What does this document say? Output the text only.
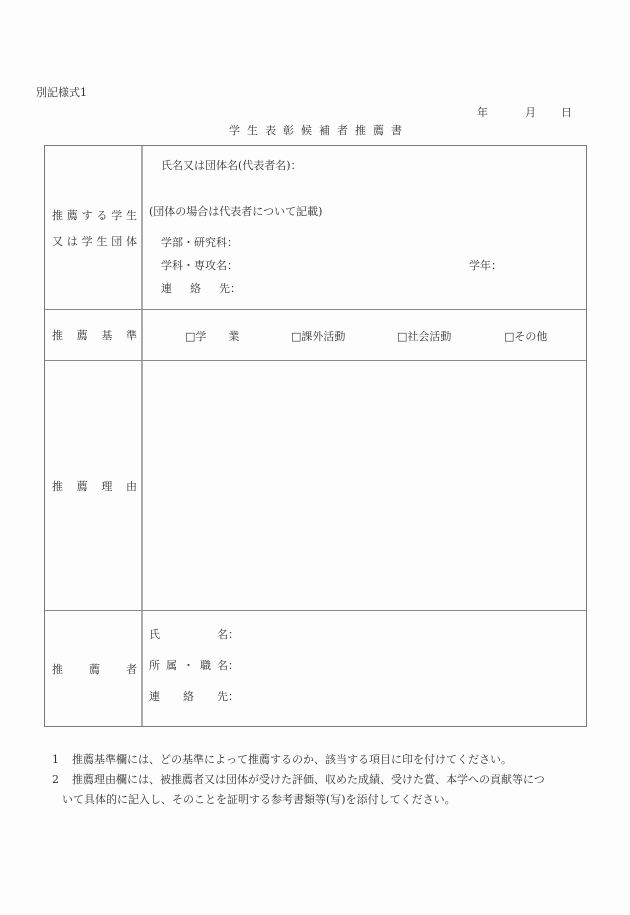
別記様式1
年	月	日
学生表彰候補者推薦書
推 薦 す る 学 生
又 は 学 生 団 体
氏名又は団体名(代表者名)：
(団体の場合は代表者について記載)
学部・研究科：
学科・専攻名：	学年：
連 絡 先：
推 薦 基 準	□学　　業	□課外活動	□社会活動	□その他
推 薦 理 由
推 薦 者
氏	名：
所 属 ・ 職 名：
連 絡 先：
1 推薦基準欄には、どの基準によって推薦するのか、該当する項目に印を付けてください。
2 推薦理由欄には、被推薦者又は団体が受けた評価、収めた成績、受けた賞、本学への貢献等につ
いて具体的に記入し、そのことを証明する参考書類等(写)を添付してください。
